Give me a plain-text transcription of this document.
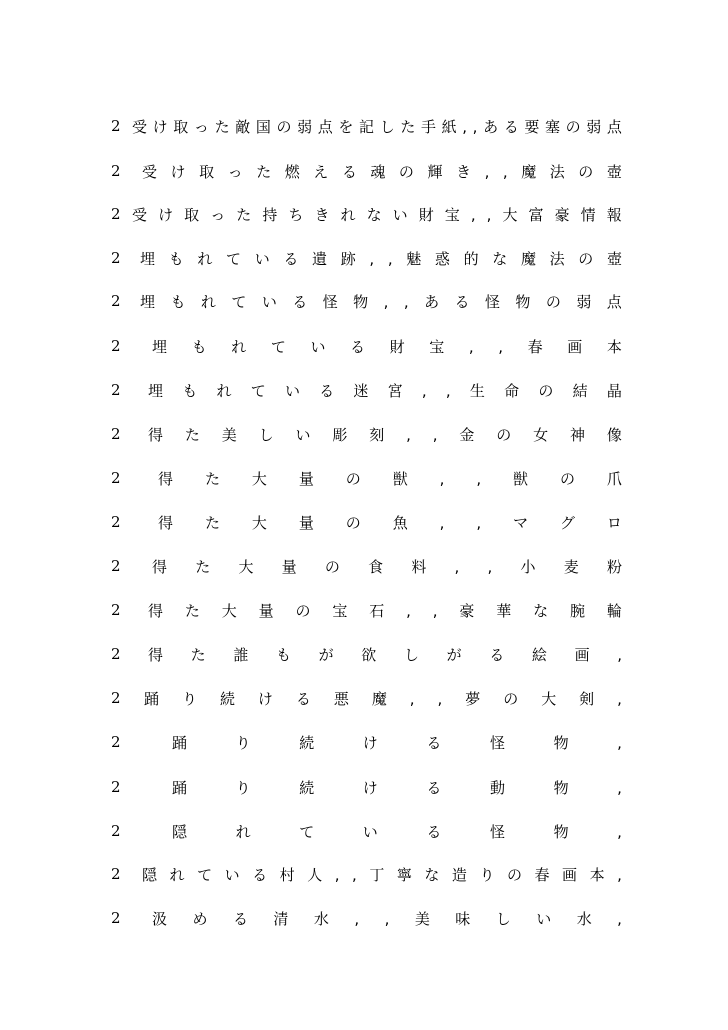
2 受 け 取 っ た 敵 国 の 弱 点 を 記 し た 手 紙 , , あ る 要 塞 の 弱 点
2 受 け 取 っ た 燃 え る 魂 の 輝 き , , 魔 法 の 壺
2 受 け 取 っ た 持 ち き れ な い 財 宝 , , 大 富 豪 情 報
2 埋 も れ て い る 遺 跡 , , 魅 惑 的 な 魔 法 の 壺
2 埋 も れ て い る 怪 物 , , あ る 怪 物 の 弱 点
2 埋 も れ て い る 財 宝 , , 春 画 本
2 埋 も れ て い る 迷 宮 , , 生 命 の 結 晶
2 得 た 美 し い 彫 刻 , , 金 の 女 神 像
2 得 た 大 量 の 獣 , , 獣 の 爪
2 得 た 大 量 の 魚 , , マ グ ロ
2 得 た 大 量 の 食 料 , , 小 麦 粉
2 得 た 大 量 の 宝 石 , , 豪 華 な 腕 輪
2 得 た 誰 も が 欲 し が る 絵 画 ,
2 踊 り 続 け る 悪 魔 , , 夢 の 大 剣 ,
2	踊	り	続	け	る	怪	物	,
2	踊	り	続	け	る	動	物	,
2	隠	れ	て	い	る	怪	物	,
2 隠 れ て い る 村 人 , , 丁 寧 な 造 り の 春 画 本 ,
2 汲 め る 清 水 , , 美 味 し い 水 ,
